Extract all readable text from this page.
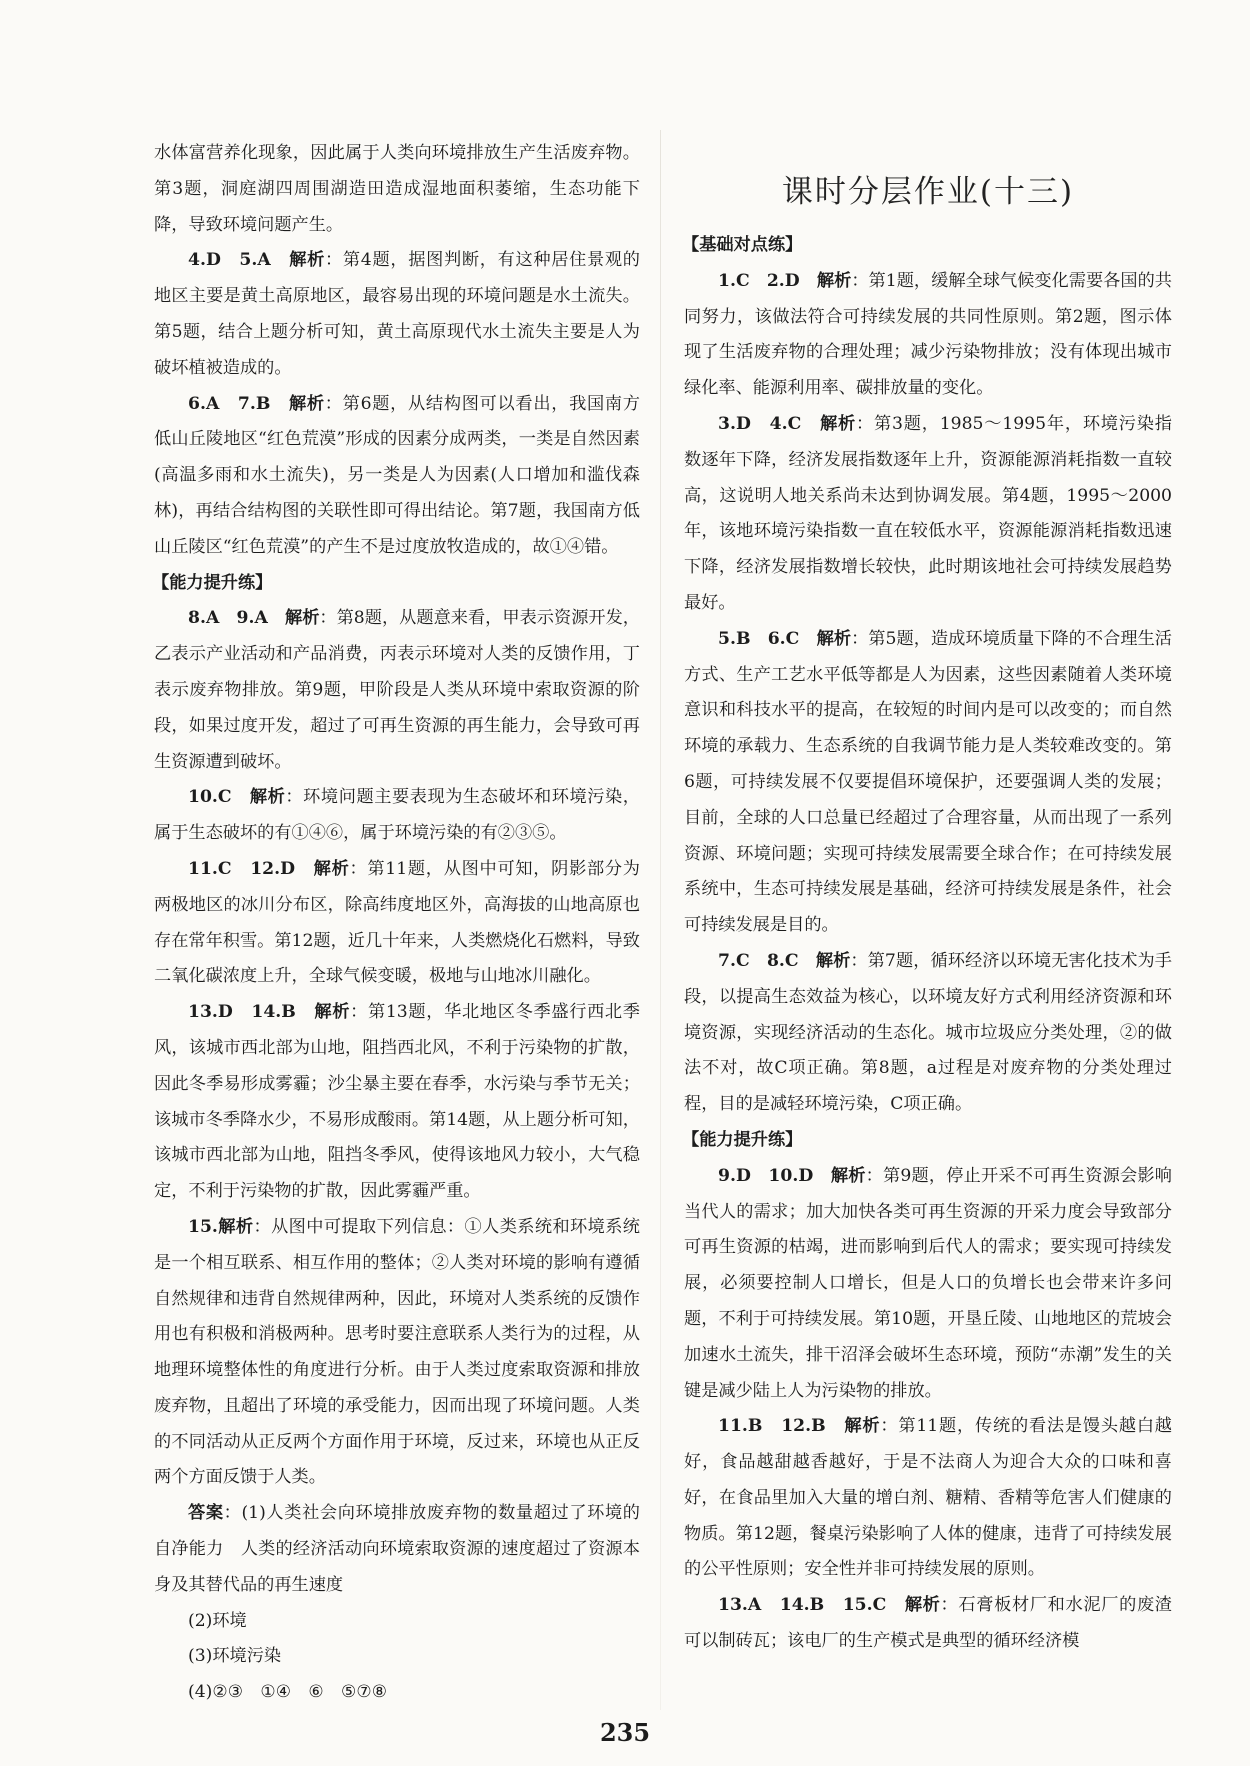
水体富营养化现象，因此属于人类向环境排放生产生活废弃物。第3题，洞庭湖四周围湖造田造成湿地面积萎缩，生态功能下降，导致环境问题产生。

4.D　5.A　解析：第4题，据图判断，有这种居住景观的地区主要是黄土高原地区，最容易出现的环境问题是水土流失。第5题，结合上题分析可知，黄土高原现代水土流失主要是人为破坏植被造成的。

6.A　7.B　解析：第6题，从结构图可以看出，我国南方低山丘陵地区“红色荒漠”形成的因素分成两类，一类是自然因素(高温多雨和水土流失)，另一类是人为因素(人口增加和滥伐森林)，再结合结构图的关联性即可得出结论。第7题，我国南方低山丘陵区“红色荒漠”的产生不是过度放牧造成的，故①④错。

【 能力提升练 】

8.A　9.A　解析：第8题，从题意来看，甲表示资源开发，乙表示产业活动和产品消费，丙表示环境对人类的反馈作用，丁表示废弃物排放。第9题，甲阶段是人类从环境中索取资源的阶段，如果过度开发，超过了可再生资源的再生能力，会导致可再生资源遭到破坏。

10.C　解析：环境问题主要表现为生态破坏和环境污染，属于生态破坏的有①④⑥，属于环境污染的有②③⑤。

11.C　12.D　解析：第11题，从图中可知，阴影部分为两极地区的冰川分布区，除高纬度地区外，高海拔的山地高原也存在常年积雪。第12题，近几十年来，人类燃烧化石燃料，导致二氧化碳浓度上升，全球气候变暖，极地与山地冰川融化。

13.D　14.B　解析：第13题，华北地区冬季盛行西北季风，该城市西北部为山地，阻挡西北风，不利于污染物的扩散，因此冬季易形成雾霾；沙尘暴主要在春季，水污染与季节无关；该城市冬季降水少，不易形成酸雨。第14题，从上题分析可知，该城市西北部为山地，阻挡冬季风，使得该地风力较小，大气稳定，不利于污染物的扩散，因此雾霾严重。

15.解析：从图中可提取下列信息：①人类系统和环境系统是一个相互联系、相互作用的整体；②人类对环境的影响有遵循自然规律和违背自然规律两种，因此，环境对人类系统的反馈作用也有积极和消极两种。思考时要注意联系人类行为的过程，从地理环境整体性的角度进行分析。由于人类过度索取资源和排放废弃物，且超出了环境的承受能力，因而出现了环境问题。人类的不同活动从正反两个方面作用于环境，反过来，环境也从正反两个方面反馈于人类。

答案：(1)人类社会向环境排放废弃物的数量超过了环境的自净能力　人类的经济活动向环境索取资源的速度超过了资源本身及其替代品的再生速度

(2)环境

(3)环境污染

(4)②③　①④　⑥　⑤⑦⑧

课时分层作业(十三)
【 基础对点练 】

1.C　2.D　解析：第1题，缓解全球气候变化需要各国的共同努力，该做法符合可持续发展的共同性原则。第2题，图示体现了生活废弃物的合理处理；减少污染物排放；没有体现出城市绿化率、能源利用率、碳排放量的变化。

3.D　4.C　解析：第3题，1985～1995年，环境污染指数逐年下降，经济发展指数逐年上升，资源能源消耗指数一直较高，这说明人地关系尚未达到协调发展。第4题，1995～2000年，该地环境污染指数一直在较低水平，资源能源消耗指数迅速下降，经济发展指数增长较快，此时期该地社会可持续发展趋势最好。

5.B　6.C　解析：第5题，造成环境质量下降的不合理生活方式、生产工艺水平低等都是人为因素，这些因素随着人类环境意识和科技水平的提高，在较短的时间内是可以改变的；而自然环境的承载力、生态系统的自我调节能力是人类较难改变的。第6题，可持续发展不仅要提倡环境保护，还要强调人类的发展；目前，全球的人口总量已经超过了合理容量，从而出现了一系列资源、环境问题；实现可持续发展需要全球合作；在可持续发展系统中，生态可持续发展是基础，经济可持续发展是条件，社会可持续发展是目的。

7.C　8.C　解析：第7题，循环经济以环境无害化技术为手段，以提高生态效益为核心，以环境友好方式利用经济资源和环境资源，实现经济活动的生态化。城市垃圾应分类处理，②的做法不对，故C项正确。第8题，a过程是对废弃物的分类处理过程，目的是减轻环境污染，C项正确。

【 能力提升练 】

9.D　10.D　解析：第9题，停止开采不可再生资源会影响当代人的需求；加大加快各类可再生资源的开采力度会导致部分可再生资源的枯竭，进而影响到后代人的需求；要实现可持续发展，必须要控制人口增长，但是人口的负增长也会带来许多问题，不利于可持续发展。第10题，开垦丘陵、山地地区的荒坡会加速水土流失，排干沼泽会破坏生态环境，预防“赤潮”发生的关键是减少陆上人为污染物的排放。

11.B　12.B　解析：第11题，传统的看法是馒头越白越好，食品越甜越香越好，于是不法商人为迎合大众的口味和喜好，在食品里加入大量的增白剂、糖精、香精等危害人们健康的物质。第12题，餐桌污染影响了人体的健康，违背了可持续发展的公平性原则；安全性并非可持续发展的原则。

13.A　14.B　15.C　解析：石膏板材厂和水泥厂的废渣可以制砖瓦；该电厂的生产模式是典型的循环经济模

235
